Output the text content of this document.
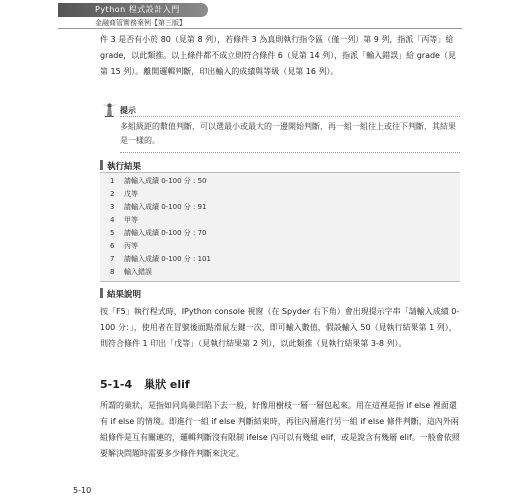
Python 程式設計入門
金融商管實務案例【第三版】
件 3 是否有小於 80（見第 8 列），若條件 3 為真則執行指令區（僅一列）第 9 列，指派「丙等」給 grade，以此類推。以上條件都不成立則符合條件 6（見第 14 列），指派「輸入錯誤」給 grade（見第 15 列）。離開邏輯判斷，印出輸入的成績與等級（見第 16 列）。
提示
多組級距的數值判斷，可以選最小或最大的一邊開始判斷，再一組一組往上或往下判斷，其結果是一樣的。
執行結果
1	請輸入成績 0-100 分 : 50
2	戊等
3	請輸入成績 0-100 分 : 91
4	甲等
5	請輸入成績 0-100 分 : 70
6	丙等
7	請輸入成績 0-100 分 : 101
8	輸入錯誤
結果說明
按「F5」執行程式時，IPython console 視窗（在 Spyder 右下角）會出現提示字串「請輸入成績 0-100 分：」，使用者在冒號後面點滑鼠左鍵一次，即可輸入數值，假設輸入 50（見執行結果第 1 列），則符合條件 1 印出「戊等」（見執行結果第 2 列），以此類推（見執行結果第 3-8 列）。
5-1-4 巢狀 elif
所謂的巢狀，是指如同鳥巢凹陷下去一般，好像用樹枝一層一層包起來。用在這裡是指 if else 裡面還有 if else 的情境。即進行一組 if else 判斷結束時，再往內層進行另一組 if else 條件判斷，這內外兩組條件是互有關連的，邏輯判斷沒有限制 ifelse 內可以有幾組 elif，或是說含有幾層 elif。一般會依照要解決問題時需要多少條件判斷來決定。
5-10
